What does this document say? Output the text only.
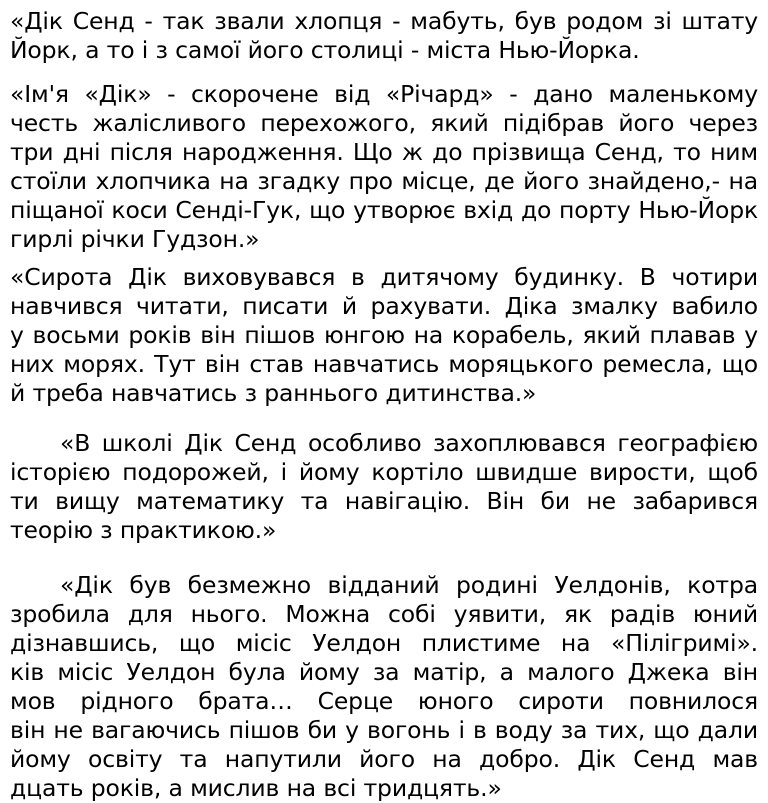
«Дік Сенд - так звали хлопця - мабуть, був родом зі штату
Йорк, а то і з самої його столиці - міста Нью-Йорка.
«Ім'я «Дік» - скорочене від «Річард» - дано маленькому
честь жалісливого перехожого, який підібрав його через
три дні після народження. Що ж до прізвища Сенд, то ним
стоїли хлопчика на згадку про місце, де його знайдено,- на
піщаної коси Сенді-Гук, що утворює вхід до порту Нью-Йорк
гирлі річки Гудзон.»
«Сирота Дік виховувався в дитячому будинку. В чотири
навчився читати, писати й рахувати. Діка змалку вабило
у восьми років він пішов юнгою на корабель, який плавав у
них морях. Тут він став навчатись моряцького ремесла, що
й треба навчатись з раннього дитинства.»
«В школі Дік Сенд особливо захоплювався географією
історією подорожей, і йому кортіло швидше вирости, щоб
ти вищу математику та навігацію. Він би не забарився
теорію з практикою.»
«Дік був безмежно відданий родині Уелдонів, котра
зробила для нього. Можна собі уявити, як радів юний
дізнавшись, що місіс Уелдон плистиме на «Пілігримі».
ків місіс Уелдон була йому за матір, а малого Джека він
мов рідного брата… Серце юного сироти повнилося
він не вагаючись пішов би у вогонь і в воду за тих, що дали
йому освіту та напутили його на добро. Дік Сенд мав
дцать років, а мислив на всі тридцять.»
